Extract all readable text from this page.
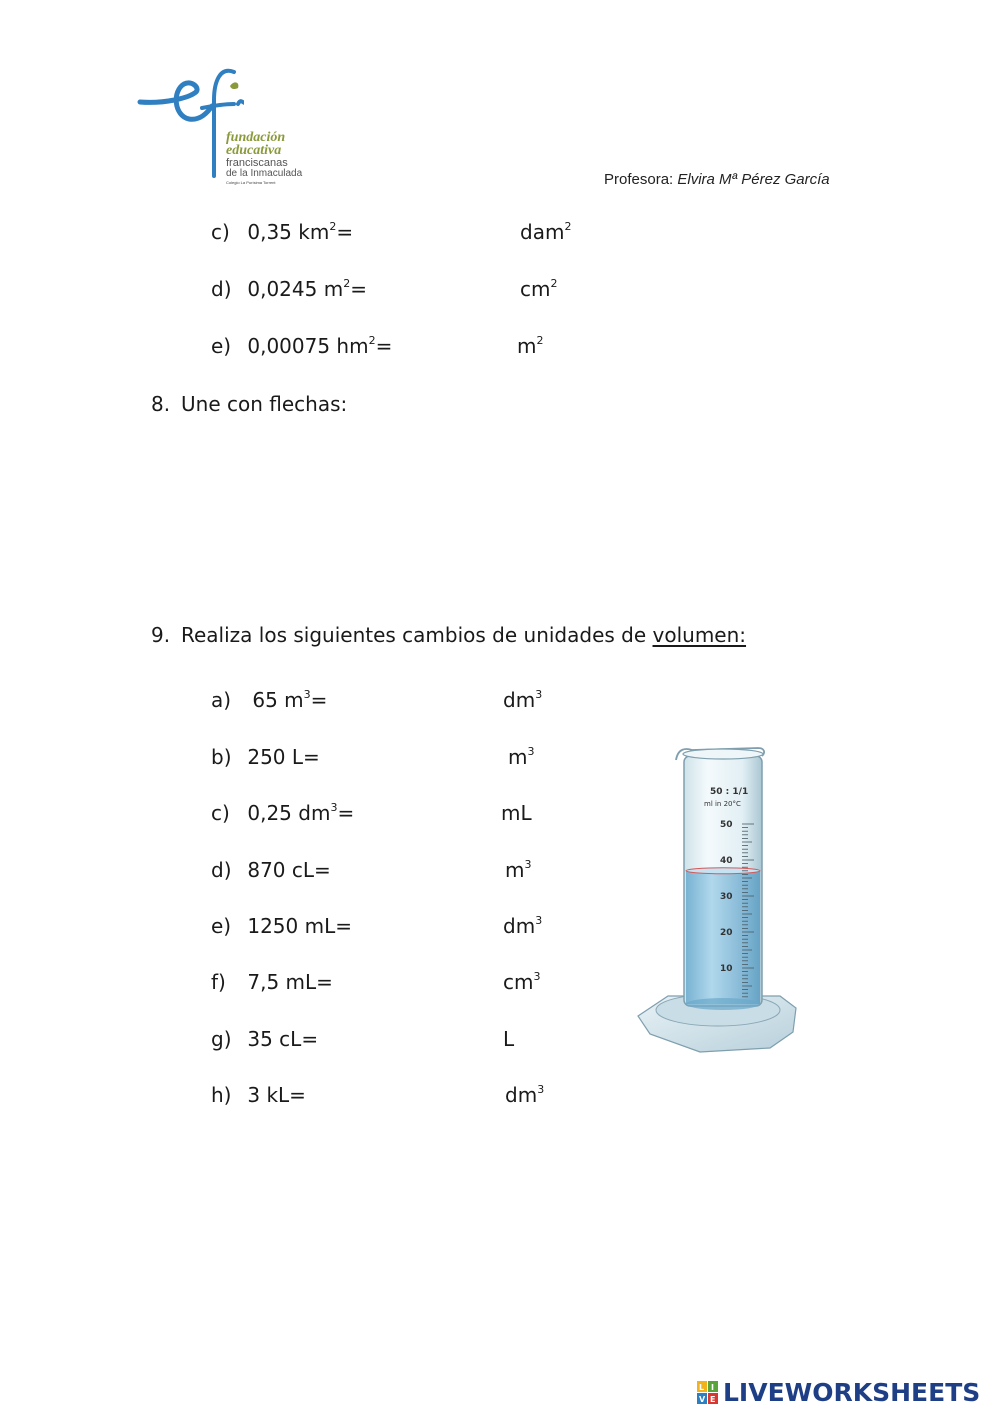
fundación
educativa
franciscanas
de la Inmaculada
Colegio La Purísima Torrent	Profesora: Elvira Mª Pérez García
c) 0,35 $km^2=$	dam$^2$
d) 0,0245 $m^2=$	$cm^2$
e) 0,00075 $hm^2=$	$m^2$
8. Une con flechas:
9. Realiza los siguientes cambios de unidades de volumen:
a) 65 $m^3=$	$dm^3$
b) 250 L=	$m^3$
c) 0,25 $dm^3=$	mL
d) 870 cL=	$m^3$
e) 1250 mL=	$dm^3$
f) 7,5 mL=	$cm^3$
g) 35 cL=	L
h) 3 kL=	$dm^3$
50 : 1/1
ml in 20°C
50
40
30
20
10
L I
V E LIVEWORKSHEETS
